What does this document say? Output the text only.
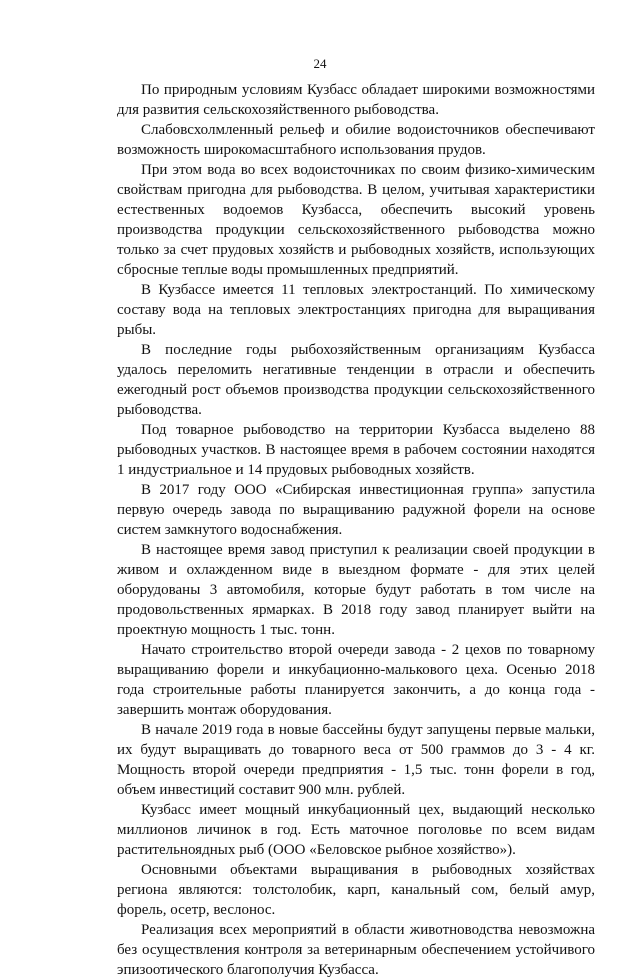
24

По природным условиям Кузбасс обладает широкими возможностями для развития сельскохозяйственного рыбоводства.

Слабовсхолмленный рельеф и обилие водоисточников обеспечивают возможность широкомасштабного использования прудов.

При этом вода во всех водоисточниках по своим физико-химическим свойствам пригодна для рыбоводства. В целом, учитывая характеристики естественных водоемов Кузбасса, обеспечить высокий уровень производства продукции сельскохозяйственного рыбоводства можно только за счет прудовых хозяйств и рыбоводных хозяйств, использующих сбросные теплые воды промышленных предприятий.

В Кузбассе имеется 11 тепловых электростанций. По химическому составу вода на тепловых электростанциях пригодна для выращивания рыбы.

В последние годы рыбохозяйственным организациям Кузбасса удалось переломить негативные тенденции в отрасли и обеспечить ежегодный рост объемов производства продукции сельскохозяйственного рыбоводства.

Под товарное рыбоводство на территории Кузбасса выделено 88 рыбоводных участков. В настоящее время в рабочем состоянии находятся 1 индустриальное и 14 прудовых рыбоводных хозяйств.

В 2017 году ООО «Сибирская инвестиционная группа» запустила первую очередь завода по выращиванию радужной форели на основе систем замкнутого водоснабжения.

В настоящее время завод приступил к реализации своей продукции в живом и охлажденном виде в выездном формате - для этих целей оборудованы 3 автомобиля, которые будут работать в том числе на продовольственных ярмарках. В 2018 году завод планирует выйти на проектную мощность 1 тыс. тонн.

Начато строительство второй очереди завода - 2 цехов по товарному выращиванию форели и инкубационно-малькового цеха. Осенью 2018 года строительные работы планируется закончить, а до конца года - завершить монтаж оборудования.

В начале 2019 года в новые бассейны будут запущены первые мальки, их будут выращивать до товарного веса от 500 граммов до 3 - 4 кг. Мощность второй очереди предприятия - 1,5 тыс. тонн форели в год, объем инвестиций составит 900 млн. рублей.

Кузбасс имеет мощный инкубационный цех, выдающий несколько миллионов личинок в год. Есть маточное поголовье по всем видам растительноядных рыб (ООО «Беловское рыбное хозяйство»).

Основными объектами выращивания в рыбоводных хозяйствах региона являются: толстолобик, карп, канальный сом, белый амур, форель, осетр, веслонос.

Реализация всех мероприятий в области животноводства невозможна без осуществления контроля за ветеринарным обеспечением устойчивого эпизоотического благополучия Кузбасса.
